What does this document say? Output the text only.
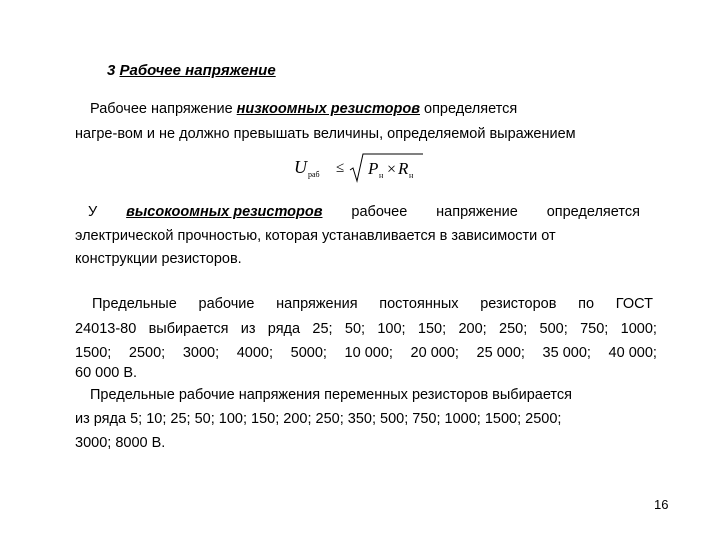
3 Рабочее напряжение
Рабочее напряжение низкоомных резисторов определяется
нагре-вом и не должно превышать величины, определяемой выражением
U раб ≤ P н × R н
У высокоомных резисторов рабочее напряжение определяется
электрической прочностью, которая устанавливается в зависимости от
конструкции резисторов.
Предельные рабочие напряжения постоянных резисторов по ГОСТ
24013-80 выбирается из ряда 25; 50; 100; 150; 200; 250; 500; 750; 1000;
1500; 2500; 3000; 4000; 5000; 10 000; 20 000; 25 000; 35 000; 40 000;
60 000 В.
Предельные рабочие напряжения переменных резисторов выбирается
из ряда 5; 10; 25; 50; 100; 150; 200; 250; 350; 500; 750; 1000; 1500; 2500;
3000; 8000 В.
16
